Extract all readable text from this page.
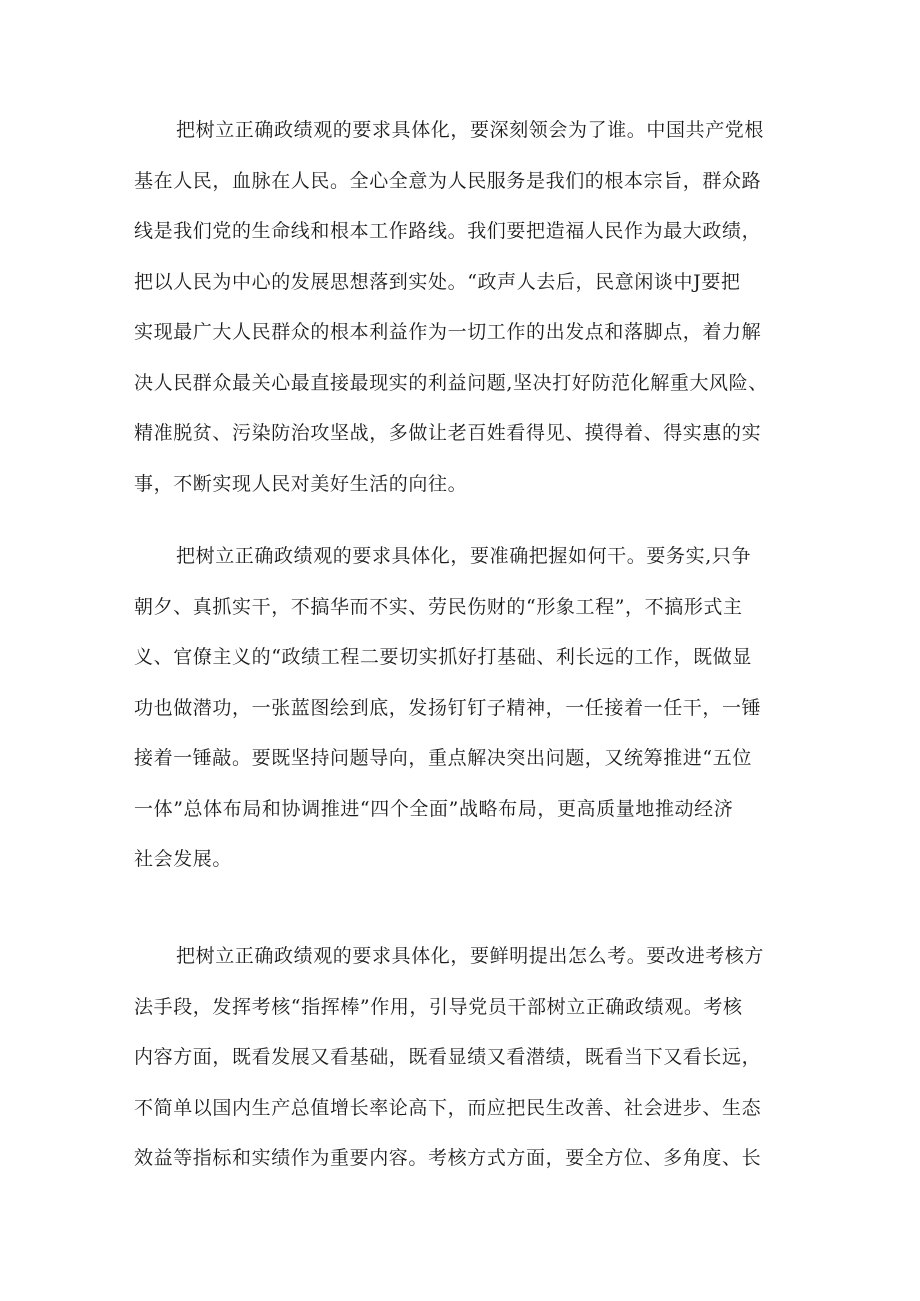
把树立正确政绩观的要求具体化，要深刻领会为了谁。中国共产党根
基在人民，血脉在人民。全心全意为人民服务是我们的根本宗旨，群众路
线是我们党的生命线和根本工作路线。我们要把造福人民作为最大政绩，
把以人民为中心的发展思想落到实处。“政声人去后，民意闲谈中J要把
实现最广大人民群众的根本利益作为一切工作的出发点和落脚点，着力解
决人民群众最关心最直接最现实的利益问题,坚决打好防范化解重大风险、
精准脱贫、污染防治攻坚战，多做让老百姓看得见、摸得着、得实惠的实
事，不断实现人民对美好生活的向往。
把树立正确政绩观的要求具体化，要准确把握如何干。要务实,只争
朝夕、真抓实干，不搞华而不实、劳民伤财的“形象工程”，不搞形式主
义、官僚主义的“政绩工程二要切实抓好打基础、利长远的工作，既做显
功也做潜功，一张蓝图绘到底，发扬钉钉子精神，一任接着一任干，一锤
接着一锤敲。要既坚持问题导向，重点解决突出问题，又统筹推进“五位
一体”总体布局和协调推进“四个全面”战略布局，更高质量地推动经济
社会发展。
把树立正确政绩观的要求具体化，要鲜明提出怎么考。要改进考核方
法手段，发挥考核“指挥棒”作用，引导党员干部树立正确政绩观。考核
内容方面，既看发展又看基础，既看显绩又看潜绩，既看当下又看长远，
不简单以国内生产总值增长率论高下，而应把民生改善、社会进步、生态
效益等指标和实绩作为重要内容。考核方式方面，要全方位、多角度、长
